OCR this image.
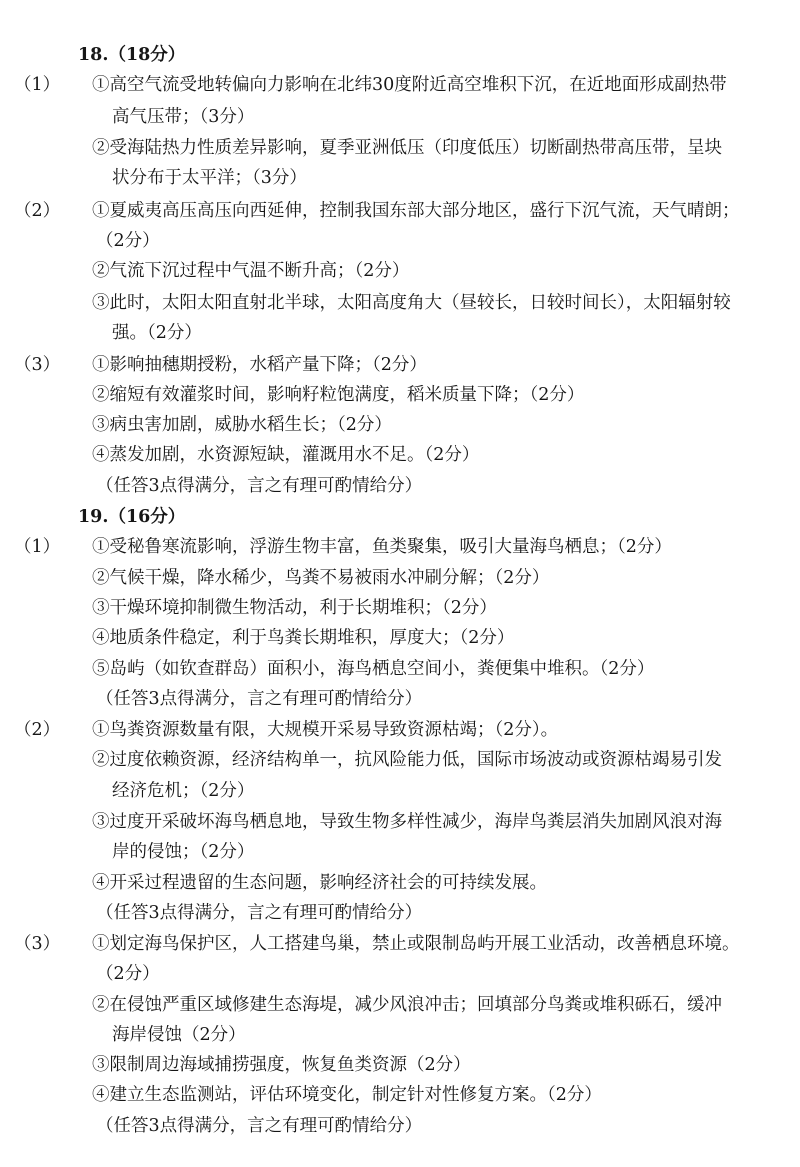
18.（18分）
（1） ①高空气流受地转偏向力影响在北纬30度附近高空堆积下沉，在近地面形成副热带
高气压带；（3分）
②受海陆热力性质差异影响，夏季亚洲低压（印度低压）切断副热带高压带，呈块
状分布于太平洋；（3分）
（2） ①夏威夷高压高压向西延伸，控制我国东部大部分地区，盛行下沉气流，天气晴朗；
（2分）
②气流下沉过程中气温不断升高；（2分）
③此时，太阳太阳直射北半球，太阳高度角大（昼较长，日较时间长），太阳辐射较
强。（2分）
（3） ①影响抽穗期授粉，水稻产量下降；（2分）
②缩短有效灌浆时间，影响籽粒饱满度，稻米质量下降；（2分）
③病虫害加剧，威胁水稻生长；（2分）
④蒸发加剧，水资源短缺，灌溉用水不足。（2分）
（任答3点得满分，言之有理可酌情给分）
19.（16分）
（1） ①受秘鲁寒流影响，浮游生物丰富，鱼类聚集，吸引大量海鸟栖息；（2分）
②气候干燥，降水稀少，鸟粪不易被雨水冲刷分解；（2分）
③干燥环境抑制微生物活动，利于长期堆积；（2分）
④地质条件稳定，利于鸟粪长期堆积，厚度大；（2分）
⑤岛屿（如钦查群岛）面积小，海鸟栖息空间小，粪便集中堆积。（2分）
（任答3点得满分，言之有理可酌情给分）
（2） ①鸟粪资源数量有限，大规模开采易导致资源枯竭；（2分）。
②过度依赖资源，经济结构单一，抗风险能力低，国际市场波动或资源枯竭易引发
经济危机；（2分）
③过度开采破坏海鸟栖息地，导致生物多样性减少，海岸鸟粪层消失加剧风浪对海
岸的侵蚀；（2分）
④开采过程遗留的生态问题，影响经济社会的可持续发展。
（任答3点得满分，言之有理可酌情给分）
（3） ①划定海鸟保护区，人工搭建鸟巢，禁止或限制岛屿开展工业活动，改善栖息环境。
（2分）
②在侵蚀严重区域修建生态海堤，减少风浪冲击；回填部分鸟粪或堆积砾石，缓冲
海岸侵蚀（2分）
③限制周边海域捕捞强度，恢复鱼类资源（2分）
④建立生态监测站，评估环境变化，制定针对性修复方案。（2分）
（任答3点得满分，言之有理可酌情给分）
